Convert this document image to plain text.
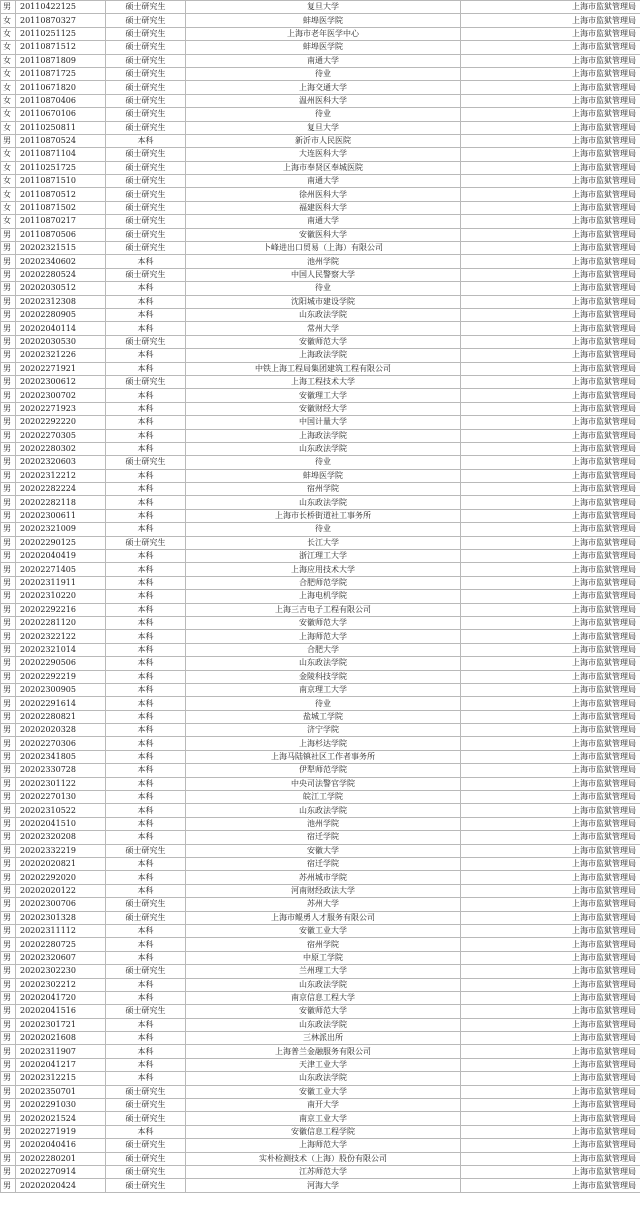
男	20110422125	硕士研究生	复旦大学	上海市监狱管理局
女	20110870327	硕士研究生	蚌埠医学院	上海市监狱管理局
女	20110251125	硕士研究生	上海市老年医学中心	上海市监狱管理局
女	20110871512	硕士研究生	蚌埠医学院	上海市监狱管理局
女	20110871809	硕士研究生	南通大学	上海市监狱管理局
女	20110871725	硕士研究生	待业	上海市监狱管理局
女	20110671820	硕士研究生	上海交通大学	上海市监狱管理局
女	20110870406	硕士研究生	温州医科大学	上海市监狱管理局
女	20110670106	硕士研究生	待业	上海市监狱管理局
女	20110250811	硕士研究生	复旦大学	上海市监狱管理局
男	20110870524	本科	新沂市人民医院	上海市监狱管理局
女	20110871104	硕士研究生	大连医科大学	上海市监狱管理局
女	20110251725	硕士研究生	上海市奉贤区奉城医院	上海市监狱管理局
女	20110871510	硕士研究生	南通大学	上海市监狱管理局
女	20110870512	硕士研究生	徐州医科大学	上海市监狱管理局
女	20110871502	硕士研究生	福建医科大学	上海市监狱管理局
女	20110870217	硕士研究生	南通大学	上海市监狱管理局
男	20110870506	硕士研究生	安徽医科大学	上海市监狱管理局
男	20202321515	硕士研究生	卜峰进出口贸易（上海）有限公司	上海市监狱管理局
男	20202340602	本科	池州学院	上海市监狱管理局
男	20202280524	硕士研究生	中国人民警察大学	上海市监狱管理局
男	20202030512	本科	待业	上海市监狱管理局
男	20202312308	本科	沈阳城市建设学院	上海市监狱管理局
男	20202280905	本科	山东政法学院	上海市监狱管理局
男	20202040114	本科	常州大学	上海市监狱管理局
男	20202030530	硕士研究生	安徽师范大学	上海市监狱管理局
男	20202321226	本科	上海政法学院	上海市监狱管理局
男	20202271921	本科	中铁上海工程局集团建筑工程有限公司	上海市监狱管理局
男	20202300612	硕士研究生	上海工程技术大学	上海市监狱管理局
男	20202300702	本科	安徽理工大学	上海市监狱管理局
男	20202271923	本科	安徽财经大学	上海市监狱管理局
男	20202292220	本科	中国计量大学	上海市监狱管理局
男	20202270305	本科	上海政法学院	上海市监狱管理局
男	20202280302	本科	山东政法学院	上海市监狱管理局
男	20202320603	硕士研究生	待业	上海市监狱管理局
男	20202312212	本科	蚌埠医学院	上海市监狱管理局
男	20202282224	本科	宿州学院	上海市监狱管理局
男	20202282118	本科	山东政法学院	上海市监狱管理局
男	20202300611	本科	上海市长桥街道社工事务所	上海市监狱管理局
男	20202321009	本科	待业	上海市监狱管理局
男	20202290125	硕士研究生	长江大学	上海市监狱管理局
男	20202040419	本科	浙江理工大学	上海市监狱管理局
男	20202271405	本科	上海应用技术大学	上海市监狱管理局
男	20202311911	本科	合肥师范学院	上海市监狱管理局
男	20202310220	本科	上海电机学院	上海市监狱管理局
男	20202292216	本科	上海三吉电子工程有限公司	上海市监狱管理局
男	20202281120	本科	安徽师范大学	上海市监狱管理局
男	20202322122	本科	上海师范大学	上海市监狱管理局
男	20202321014	本科	合肥大学	上海市监狱管理局
男	20202290506	本科	山东政法学院	上海市监狱管理局
男	20202292219	本科	金陵科技学院	上海市监狱管理局
男	20202300905	本科	南京理工大学	上海市监狱管理局
男	20202291614	本科	待业	上海市监狱管理局
男	20202280821	本科	盐城工学院	上海市监狱管理局
男	20202020328	本科	济宁学院	上海市监狱管理局
男	20202270306	本科	上海杉达学院	上海市监狱管理局
男	20202341805	本科	上海马陆镇社区工作者事务所	上海市监狱管理局
男	20202330728	本科	伊犁师范学院	上海市监狱管理局
男	20202301122	本科	中央司法警官学院	上海市监狱管理局
男	20202270130	本科	皖江工学院	上海市监狱管理局
男	20202310522	本科	山东政法学院	上海市监狱管理局
男	20202041510	本科	池州学院	上海市监狱管理局
男	20202320208	本科	宿迁学院	上海市监狱管理局
男	20202332219	硕士研究生	安徽大学	上海市监狱管理局
男	20202020821	本科	宿迁学院	上海市监狱管理局
男	20202292020	本科	苏州城市学院	上海市监狱管理局
男	20202020122	本科	河南财经政法大学	上海市监狱管理局
男	20202300706	硕士研究生	苏州大学	上海市监狱管理局
男	20202301328	硕士研究生	上海市鲲勇人才服务有限公司	上海市监狱管理局
男	20202311112	本科	安徽工业大学	上海市监狱管理局
男	20202280725	本科	宿州学院	上海市监狱管理局
男	20202320607	本科	中原工学院	上海市监狱管理局
男	20202302230	硕士研究生	兰州理工大学	上海市监狱管理局
男	20202302212	本科	山东政法学院	上海市监狱管理局
男	20202041720	本科	南京信息工程大学	上海市监狱管理局
男	20202041516	硕士研究生	安徽师范大学	上海市监狱管理局
男	20202301721	本科	山东政法学院	上海市监狱管理局
男	20202021608	本科	三林派出所	上海市监狱管理局
男	20202311907	本科	上海普兰金融服务有限公司	上海市监狱管理局
男	20202041217	本科	天津工业大学	上海市监狱管理局
男	20202312215	本科	山东政法学院	上海市监狱管理局
男	20202350701	硕士研究生	安徽工业大学	上海市监狱管理局
男	20202291030	硕士研究生	南开大学	上海市监狱管理局
男	20202021524	硕士研究生	南京工业大学	上海市监狱管理局
男	20202271919	本科	安徽信息工程学院	上海市监狱管理局
男	20202040416	硕士研究生	上海师范大学	上海市监狱管理局
男	20202280201	硕士研究生	实朴检测技术（上海）股份有限公司	上海市监狱管理局
男	20202270914	硕士研究生	江苏师范大学	上海市监狱管理局
男	20202020424	硕士研究生	河海大学	上海市监狱管理局
